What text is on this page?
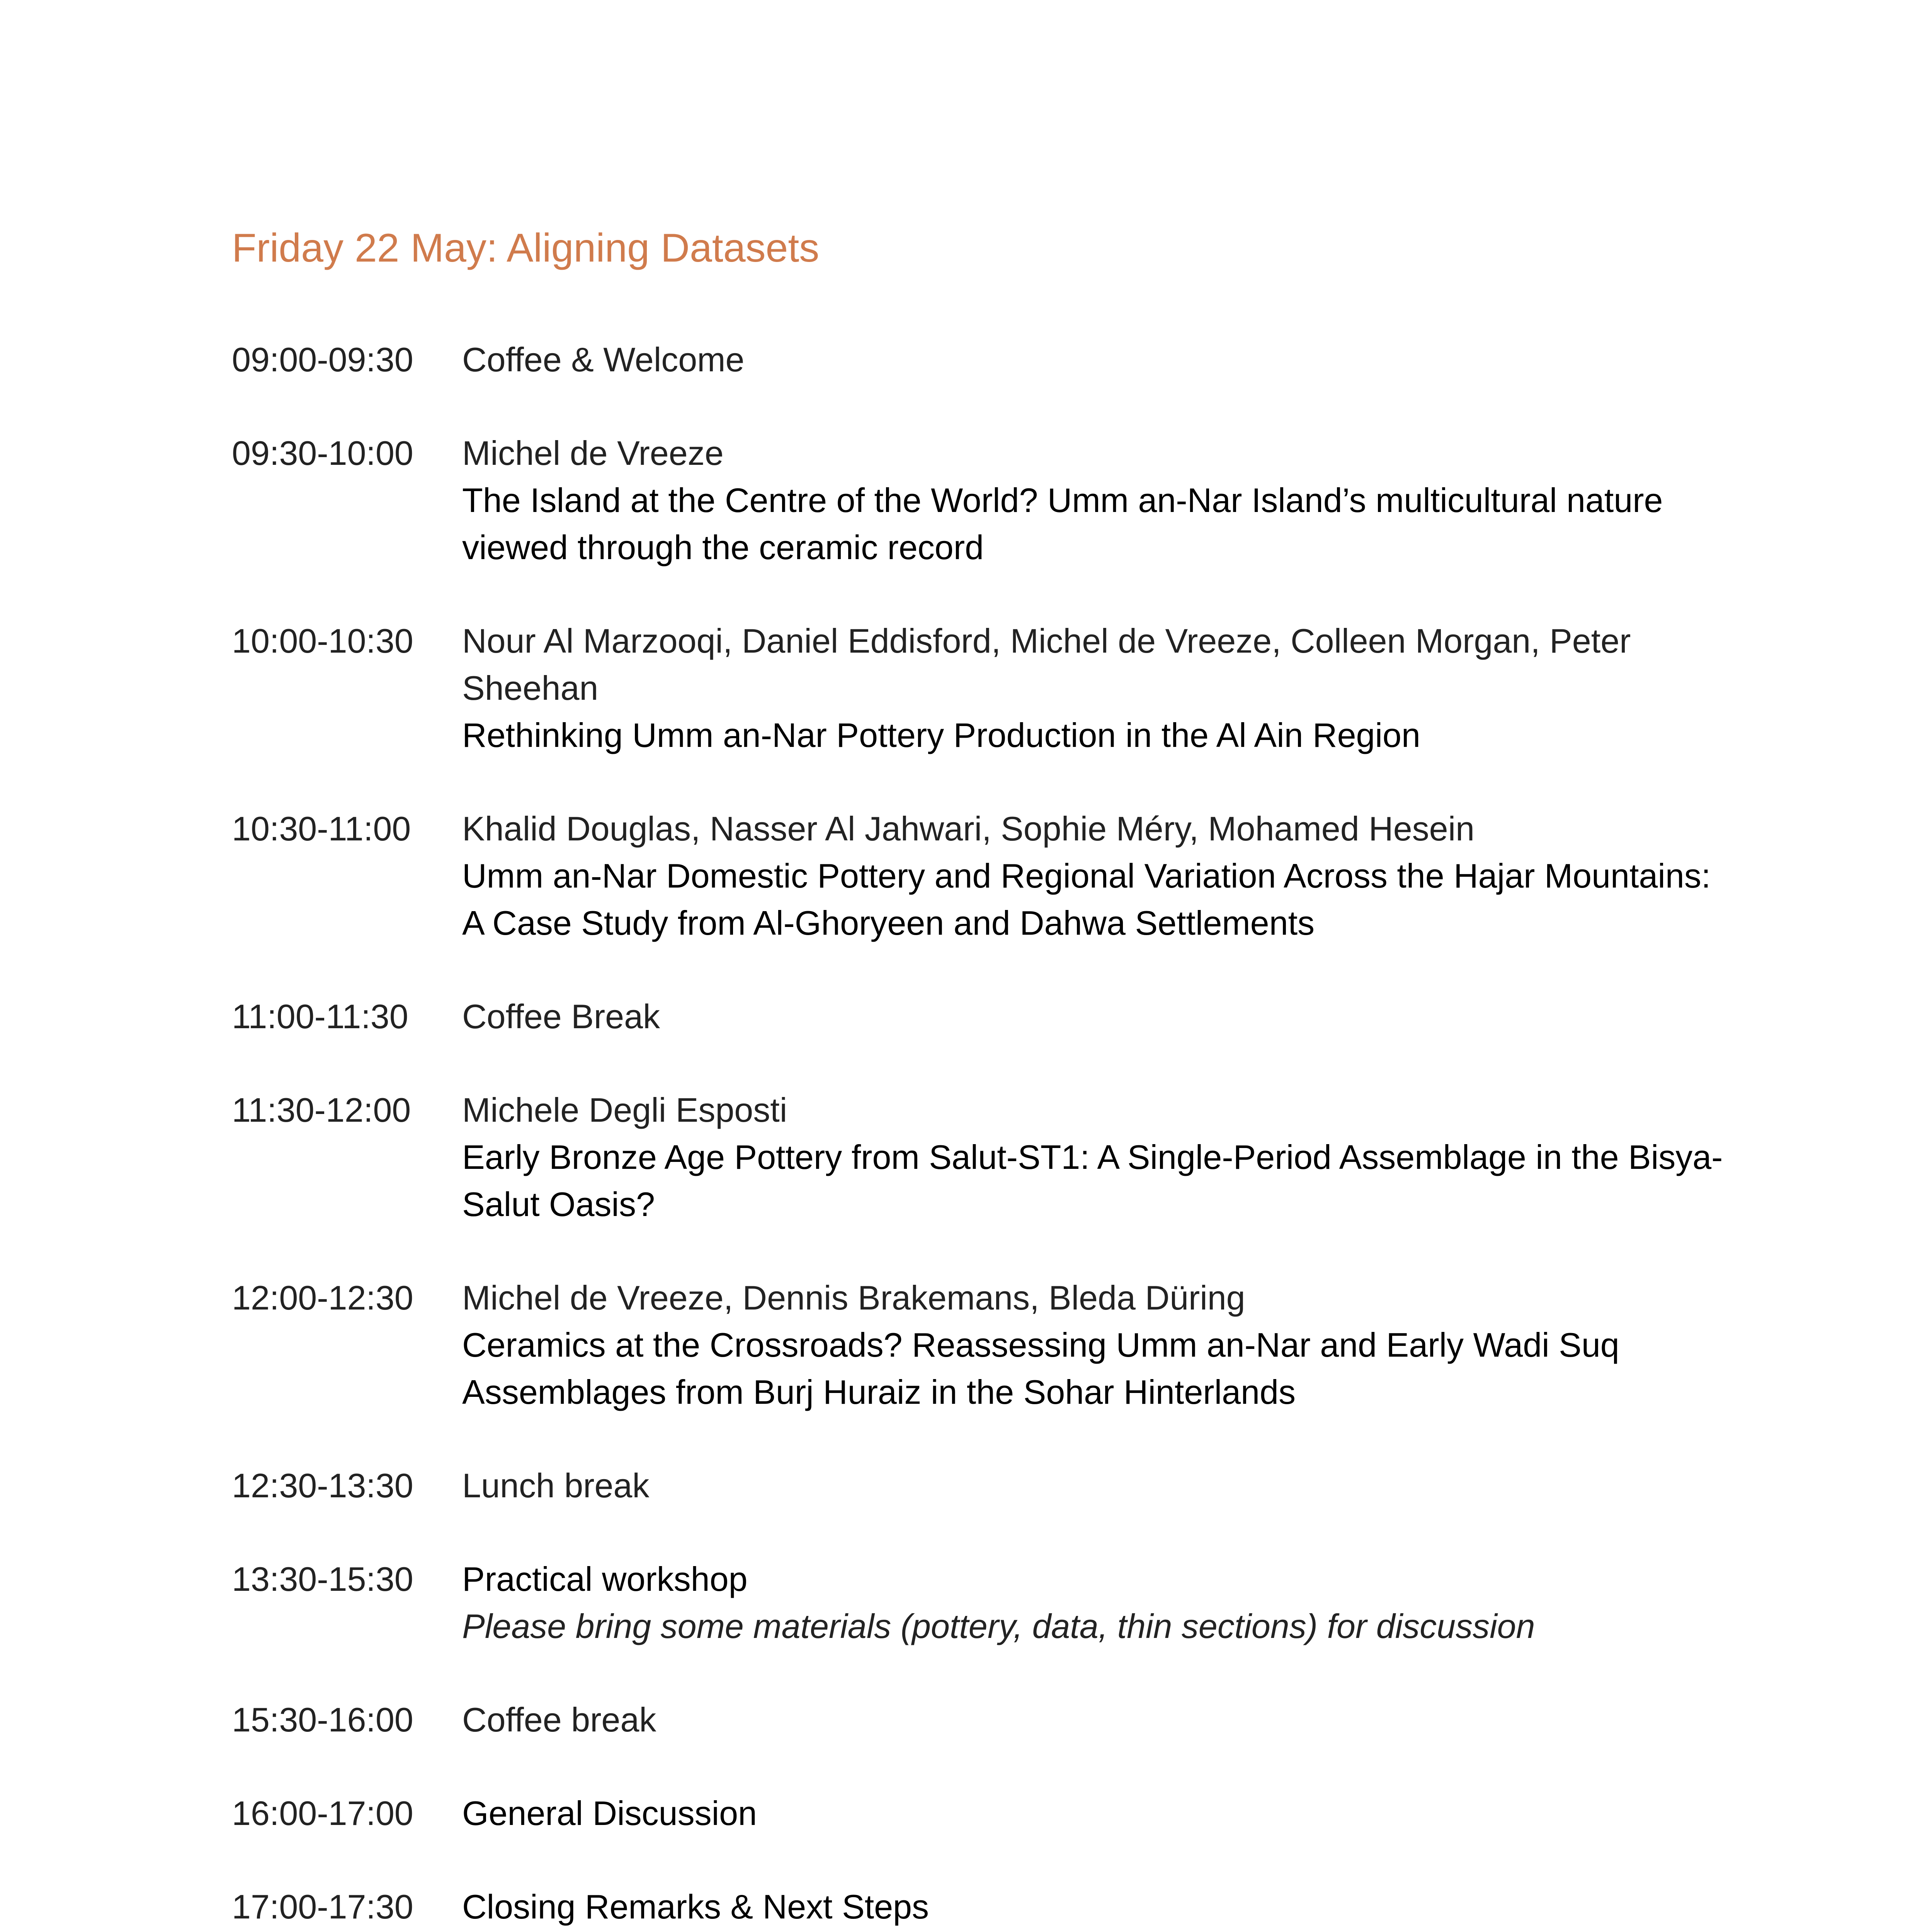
Friday 22 May: Aligning Datasets
09:00-09:30	Coffee & Welcome
09:30-10:00	Michel de Vreeze
The Island at the Centre of the World? Umm an-Nar Island’s multicultural nature viewed through the ceramic record
10:00-10:30	Nour Al Marzooqi, Daniel Eddisford, Michel de Vreeze, Colleen Morgan, Peter Sheehan
Rethinking Umm an-Nar Pottery Production in the Al Ain Region
10:30-11:00	Khalid Douglas, Nasser Al Jahwari, Sophie Méry, Mohamed Hesein
Umm an-Nar Domestic Pottery and Regional Variation Across the Hajar Mountains: A Case Study from Al-Ghoryeen and Dahwa Settlements
11:00-11:30	Coffee Break
11:30-12:00	Michele Degli Esposti
Early Bronze Age Pottery from Salut-ST1: A Single-Period Assemblage in the Bisya-Salut Oasis?
12:00-12:30	Michel de Vreeze, Dennis Brakemans, Bleda Düring
Ceramics at the Crossroads? Reassessing Umm an-Nar and Early Wadi Suq Assemblages from Burj Huraiz in the Sohar Hinterlands
12:30-13:30	Lunch break
13:30-15:30	Practical workshop
Please bring some materials (pottery, data, thin sections) for discussion
15:30-16:00	Coffee break
16:00-17:00	General Discussion
17:00-17:30	Closing Remarks & Next Steps
